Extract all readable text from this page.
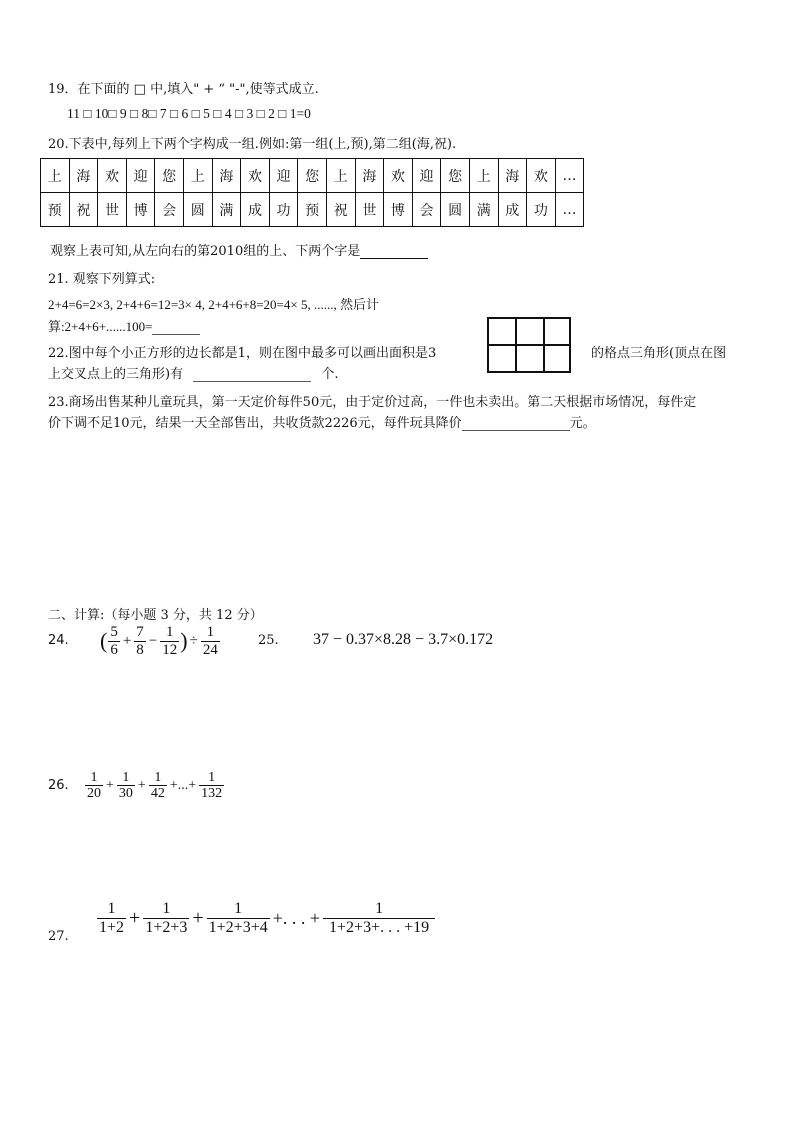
19．在下面的 □ 中,填入" + “ "-",使等式成立.
11 □ 10□ 9 □ 8□ 7 □ 6 □ 5 □ 4 □ 3 □ 2 □ 1=0
20.下表中,每列上下两个字构成一组.例如:第一组(上,预),第二组(海,祝).
上	海	欢	迎	您	上	海	欢	迎	您	上	海	欢	迎	您	上	海	欢	…
预	祝	世	博	会	圆	满	成	功	预	祝	世	博	会	圆	满	成	功	…
观察上表可知,从左向右的第2010组的上、下两个字是
21. 观察下列算式:
2+4=6=2×3, 2+4+6=12=3× 4, 2+4+6+8=20=4× 5, ......, 然后计
算:2+4+6+......100=
22.图中每个小正方形的边长都是1，则在图中最多可以画出面积是3	的格点三角形(顶点在图
上交叉点上的三角形)有	个.
23.商场出售某种儿童玩具，第一天定价每件50元，由于定价过高，一件也未卖出。第二天根据市场情况，每件定
价下调不足10元，结果一天全部售出，共收货款2226元，每件玩具降价	元。
二、计算:（每小题 3 分，共 12 分）
24. ( $\frac{5}{6} + \frac{7}{8} - \frac{1}{12}$ ) ÷ $\frac{1}{24}$	25. 37 − 0.37×8.28 − 3.7×0.172
26. $\frac{1}{20} + \frac{1}{30} + \frac{1}{42}$ +...+ $\frac{1}{132}$
27.
$\frac{1}{1+2} + \frac{1}{1+2+3} + \frac{1}{1+2+3+4}$ +. . . + $\frac{1}{1+2+3+. . . +19}$
